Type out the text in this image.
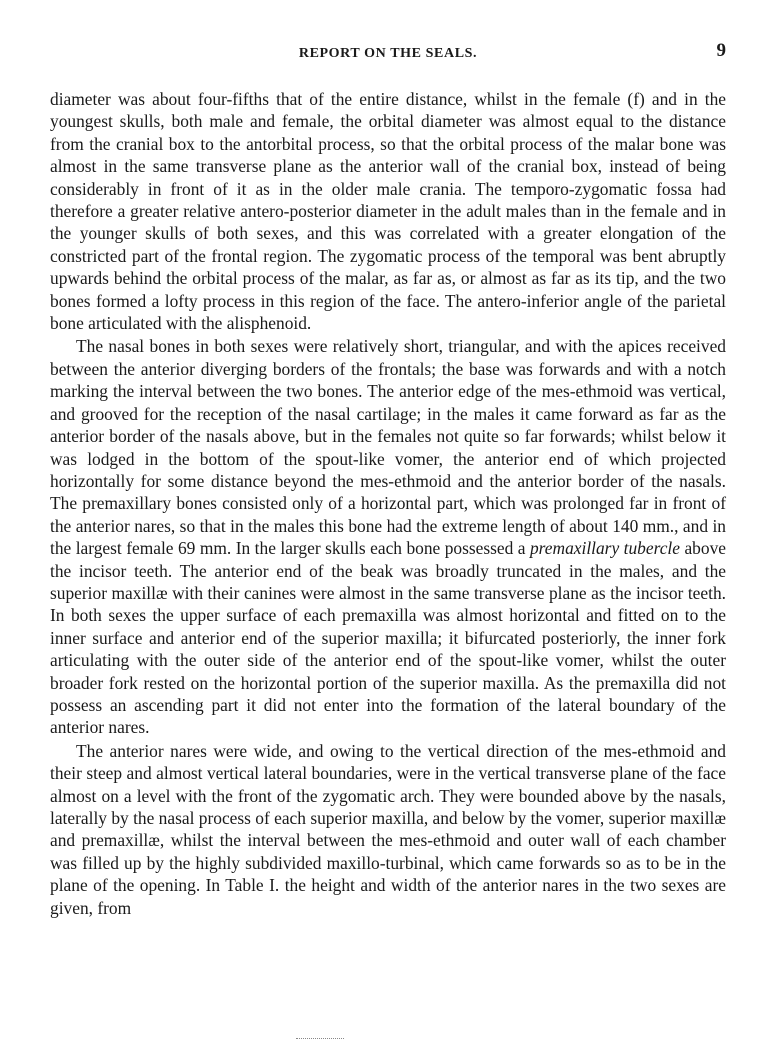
REPORT ON THE SEALS.	9

diameter was about four-fifths that of the entire distance, whilst in the female (f) and in the youngest skulls, both male and female, the orbital diameter was almost equal to the distance from the cranial box to the antorbital process, so that the orbital process of the malar bone was almost in the same transverse plane as the anterior wall of the cranial box, instead of being considerably in front of it as in the older male crania. The temporo-zygomatic fossa had therefore a greater relative antero-posterior diameter in the adult males than in the female and in the younger skulls of both sexes, and this was correlated with a greater elongation of the constricted part of the frontal region. The zygomatic process of the temporal was bent abruptly upwards behind the orbital process of the malar, as far as, or almost as far as its tip, and the two bones formed a lofty process in this region of the face. The antero-inferior angle of the parietal bone articulated with the alisphenoid.

The nasal bones in both sexes were relatively short, triangular, and with the apices received between the anterior diverging borders of the frontals; the base was forwards and with a notch marking the interval between the two bones. The anterior edge of the mes-ethmoid was vertical, and grooved for the reception of the nasal cartilage; in the males it came forward as far as the anterior border of the nasals above, but in the females not quite so far forwards; whilst below it was lodged in the bottom of the spout-like vomer, the anterior end of which projected horizontally for some distance beyond the mes-ethmoid and the anterior border of the nasals. The premaxillary bones consisted only of a horizontal part, which was prolonged far in front of the anterior nares, so that in the males this bone had the extreme length of about 140 mm., and in the largest female 69 mm. In the larger skulls each bone possessed a premaxillary tubercle above the incisor teeth. The anterior end of the beak was broadly truncated in the males, and the superior maxillæ with their canines were almost in the same transverse plane as the incisor teeth. In both sexes the upper surface of each premaxilla was almost horizontal and fitted on to the inner surface and anterior end of the superior maxilla; it bifurcated posteriorly, the inner fork articulating with the outer side of the anterior end of the spout-like vomer, whilst the outer broader fork rested on the horizontal portion of the superior maxilla. As the premaxilla did not possess an ascending part it did not enter into the formation of the lateral boundary of the anterior nares.

The anterior nares were wide, and owing to the vertical direction of the mes-ethmoid and their steep and almost vertical lateral boundaries, were in the vertical transverse plane of the face almost on a level with the front of the zygomatic arch. They were bounded above by the nasals, laterally by the nasal process of each superior maxilla, and below by the vomer, superior maxillæ and premaxillæ, whilst the interval between the mes-ethmoid and outer wall of each chamber was filled up by the highly subdivided maxillo-turbinal, which came forwards so as to be in the plane of the opening. In Table I. the height and width of the anterior nares in the two sexes are given, from
